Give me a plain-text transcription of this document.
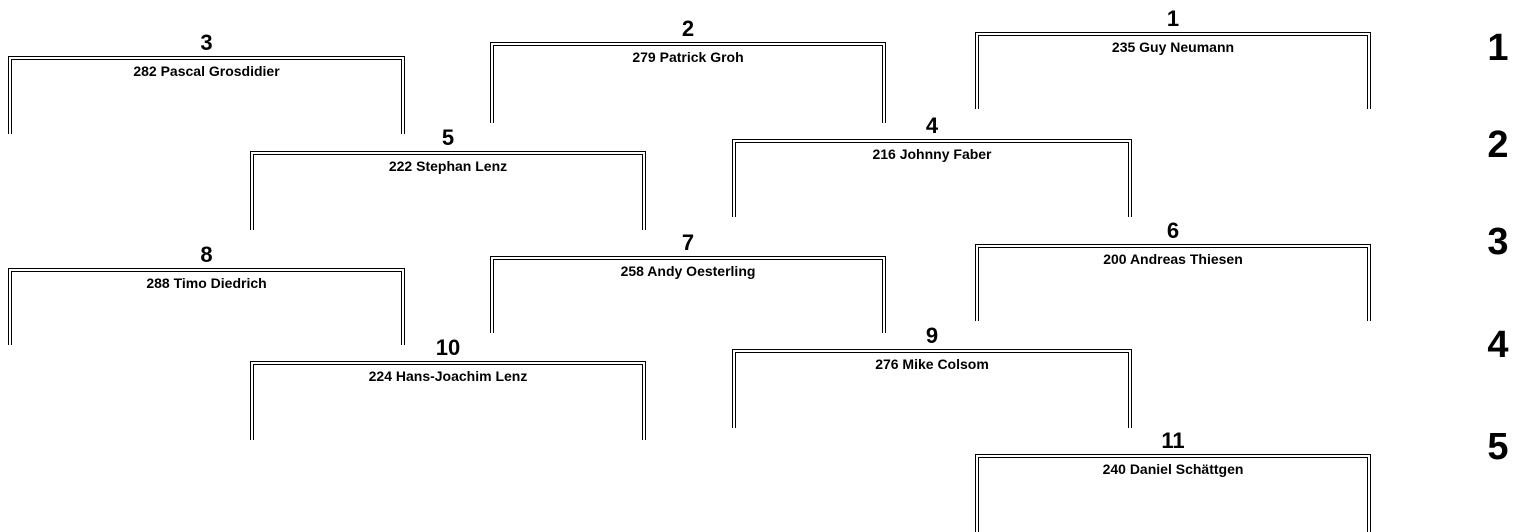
1
235 Guy Neumann
2
279 Patrick Groh
3
282 Pascal Grosdidier
4
216 Johnny Faber
5
222 Stephan Lenz
6
200 Andreas Thiesen
7
258 Andy Oesterling
8
288 Timo Diedrich
9
276 Mike Colsom
10
224 Hans-Joachim Lenz
11
240 Daniel Schättgen
1
2
3
4
5
